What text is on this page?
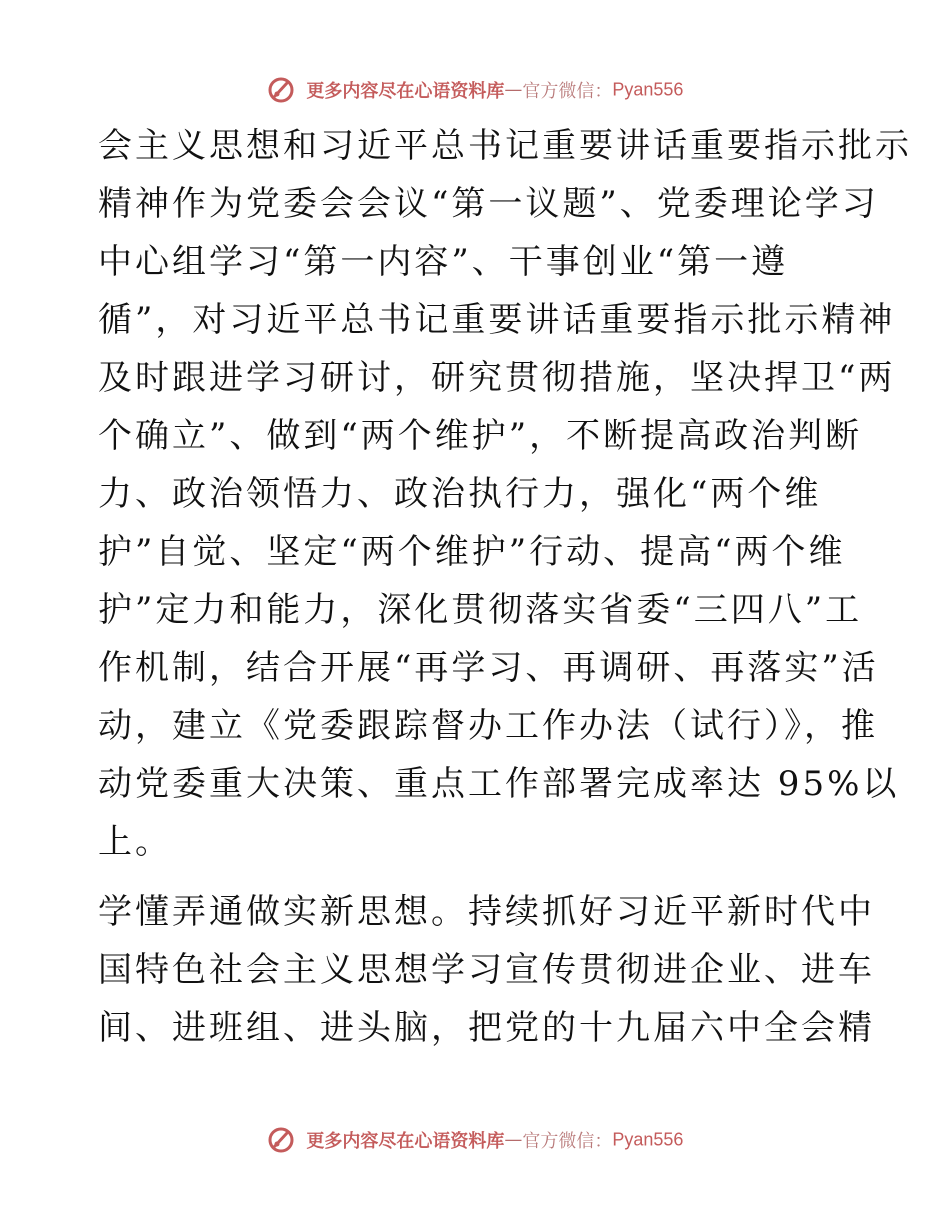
更多内容尽在心语资料库—官方微信：Pyan556
会主义思想和习近平总书记重要讲话重要指示批示
精神作为党委会会议“第一议题”、党委理论学习
中心组学习“第一内容”、干事创业“第一遵
循”，对习近平总书记重要讲话重要指示批示精神
及时跟进学习研讨，研究贯彻措施，坚决捍卫“两
个确立”、做到“两个维护”，不断提高政治判断
力、政治领悟力、政治执行力，强化“两个维
护”自觉、坚定“两个维护”行动、提高“两个维
护”定力和能力，深化贯彻落实省委“三四八”工
作机制，结合开展“再学习、再调研、再落实”活
动，建立《党委跟踪督办工作办法（试行）》，推
动党委重大决策、重点工作部署完成率达 95%以
上。
学懂弄通做实新思想。持续抓好习近平新时代中
国特色社会主义思想学习宣传贯彻进企业、进车
间、进班组、进头脑，把党的十九届六中全会精
更多内容尽在心语资料库—官方微信：Pyan556
